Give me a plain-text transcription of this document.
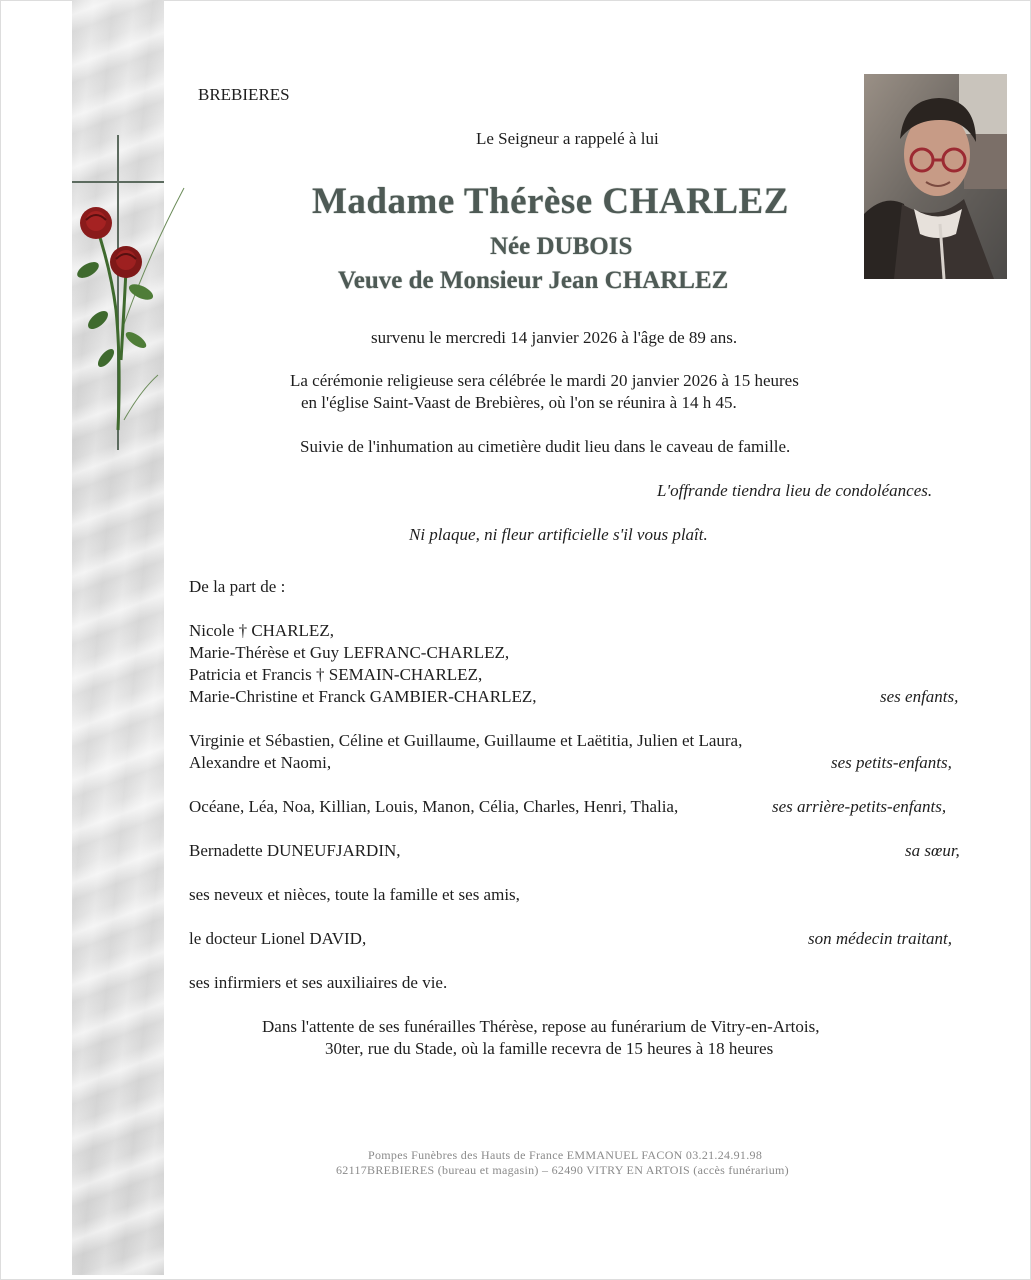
BREBIERES
Le Seigneur a rappelé à lui
Madame Thérèse CHARLEZ
Née DUBOIS
Veuve de Monsieur Jean CHARLEZ
survenu le mercredi 14 janvier 2026 à l'âge de 89 ans.
La cérémonie religieuse sera célébrée le mardi 20 janvier 2026 à 15 heures
en l'église Saint-Vaast de Brebières, où l'on se réunira à 14 h 45.
Suivie de l'inhumation au cimetière dudit lieu dans le caveau de famille.
L'offrande tiendra lieu de condoléances.
Ni plaque, ni fleur artificielle s'il vous plaît.
De la part de :
Nicole † CHARLEZ,
Marie-Thérèse et Guy LEFRANC-CHARLEZ,
Patricia et Francis † SEMAIN-CHARLEZ,
Marie-Christine et Franck GAMBIER-CHARLEZ,	ses enfants,
Virginie et Sébastien, Céline et Guillaume, Guillaume et Laëtitia, Julien et Laura,
Alexandre et Naomi,	ses petits-enfants,
Océane, Léa, Noa, Killian, Louis, Manon, Célia, Charles, Henri, Thalia,	ses arrière-petits-enfants,
Bernadette DUNEUFJARDIN,	sa sœur,
ses neveux et nièces, toute la famille et ses amis,
le docteur Lionel DAVID,	son médecin traitant,
ses infirmiers et ses auxiliaires de vie.
Dans l'attente de ses funérailles Thérèse, repose au funérarium de Vitry-en-Artois,
30ter, rue du Stade, où la famille recevra de 15 heures à 18 heures
Pompes Funèbres des Hauts de France EMMANUEL FACON 03.21.24.91.98
62117BREBIERES (bureau et magasin) – 62490 VITRY EN ARTOIS (accès funérarium)
